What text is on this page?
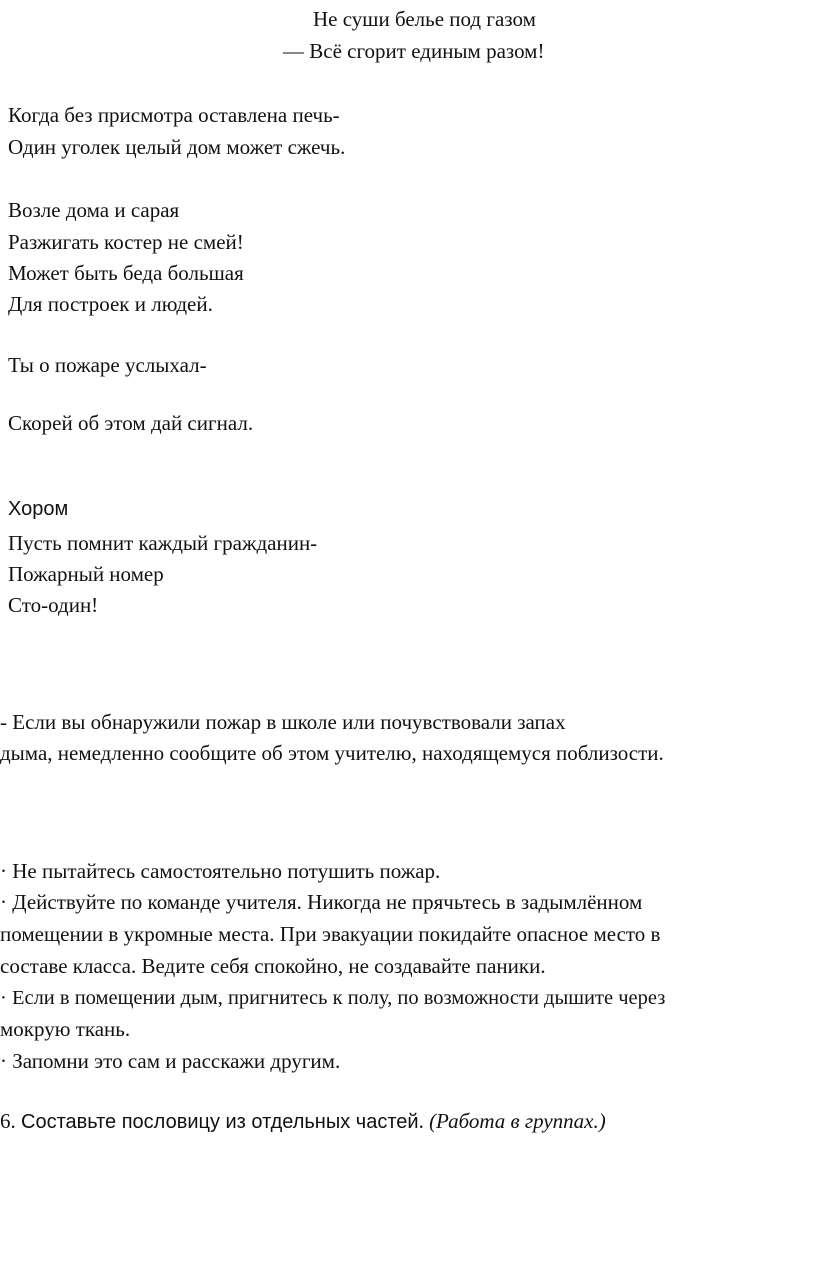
Не суши белье под газом
— Всё сгорит единым разом!
Когда без присмотра оставлена печь-
Один уголек целый дом может сжечь.
Возле дома и сарая
Разжигать костер не смей!
Может быть беда большая
Для построек и людей.
Ты о пожаре услыхал-
Скорей об этом дай сигнал.
Хором
Пусть помнит каждый гражданин-
Пожарный номер
Сто-один!
- Если вы обнаружили пожар в школе или почувствовали запах
дыма, немедленно сообщите об этом учителю, находящемуся поблизости.
· Не пытайтесь самостоятельно потушить пожар.
· Действуйте по команде учителя. Никогда не прячьтесь в задымлённом
помещении в укромные места. При эвакуации покидайте опасное место в
составе класса. Ведите себя спокойно, не создавайте паники.
· Если в помещении дым, пригнитесь к полу, по возможности дышите через
мокрую ткань.
· Запомни это сам и расскажи другим.
6. Составьте пословицу из отдельных частей. (Работа в группах.)
